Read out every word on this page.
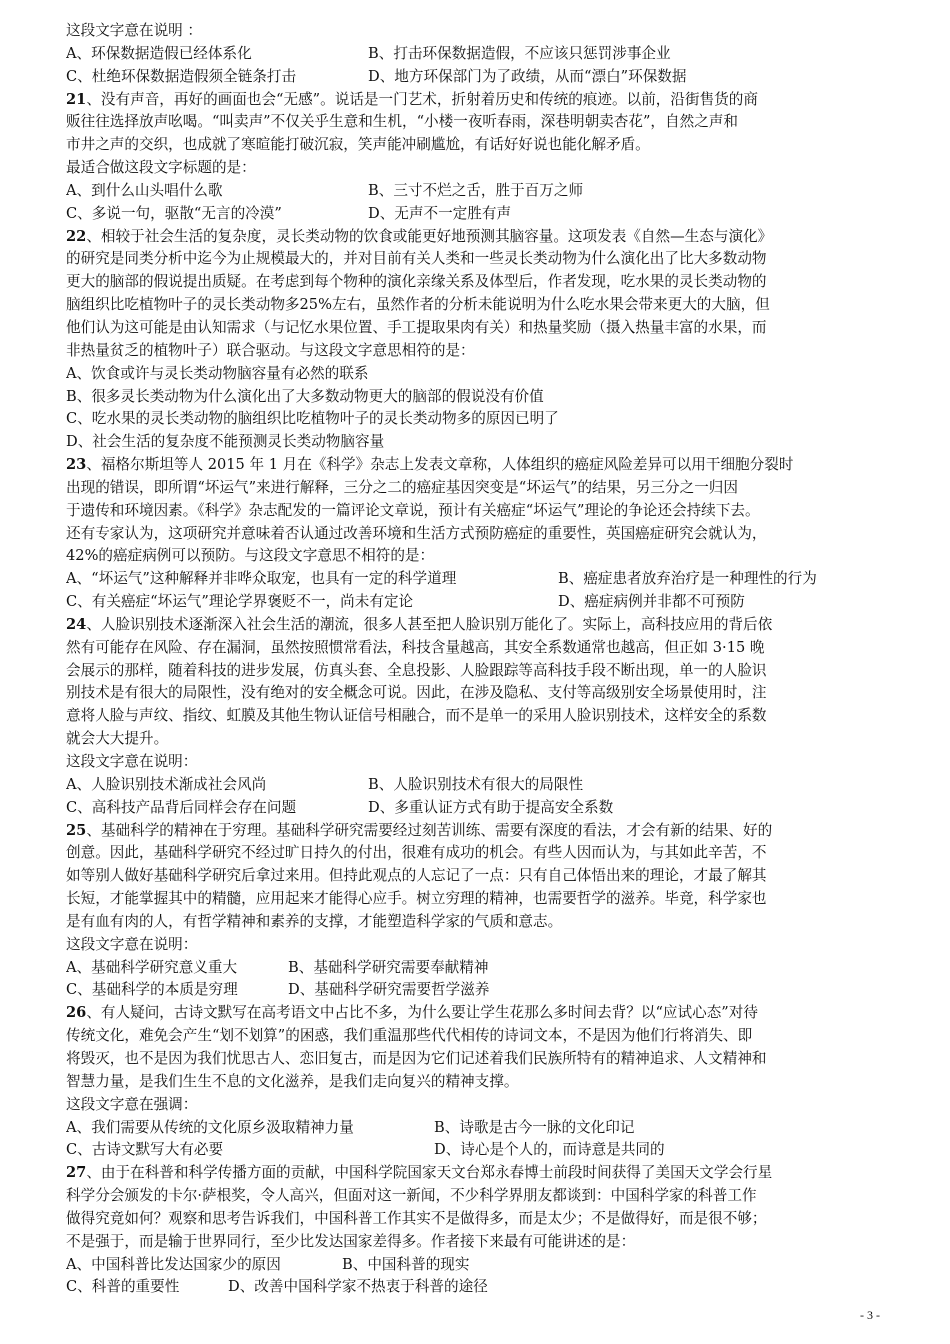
这段文字意在说明 ：
A、环保数据造假已经体系化	B、打击环保数据造假，不应该只惩罚涉事企业
C、杜绝环保数据造假须全链条打击	D、地方环保部门为了政绩，从而“漂白”环保数据
21、没有声音，再好的画面也会“无感”。说话是一门艺术，折射着历史和传统的痕迹。以前，沿街售货的商
贩往往选择放声吆喝。“叫卖声”不仅关乎生意和生机，“小楼一夜听春雨，深巷明朝卖杏花”，自然之声和
市井之声的交织，也成就了寒暄能打破沉寂，笑声能冲刷尴尬，有话好好说也能化解矛盾。
最适合做这段文字标题的是：
A、到什么山头唱什么歌	B、三寸不烂之舌，胜于百万之师
C、多说一句，驱散“无言的冷漠”	D、无声不一定胜有声
22、相较于社会生活的复杂度，灵长类动物的饮食或能更好地预测其脑容量。这项发表《自然—生态与演化》
的研究是同类分析中迄今为止规模最大的，并对目前有关人类和一些灵长类动物为什么演化出了比大多数动物
更大的脑部的假说提出质疑。在考虑到每个物种的演化亲缘关系及体型后，作者发现，吃水果的灵长类动物的
脑组织比吃植物叶子的灵长类动物多25%左右，虽然作者的分析未能说明为什么吃水果会带来更大的大脑，但
他们认为这可能是由认知需求（与记忆水果位置、手工提取果肉有关）和热量奖励（摄入热量丰富的水果，而
非热量贫乏的植物叶子）联合驱动。与这段文字意思相符的是：
A、饮食或许与灵长类动物脑容量有必然的联系
B、很多灵长类动物为什么演化出了大多数动物更大的脑部的假说没有价值
C、吃水果的灵长类动物的脑组织比吃植物叶子的灵长类动物多的原因已明了
D、社会生活的复杂度不能预测灵长类动物脑容量
23、福格尔斯坦等人 2015 年 1 月在《科学》杂志上发表文章称，人体组织的癌症风险差异可以用干细胞分裂时
出现的错误，即所谓“坏运气”来进行解释，三分之二的癌症基因突变是“坏运气”的结果，另三分之一归因
于遗传和环境因素。《科学》杂志配发的一篇评论文章说，预计有关癌症“坏运气”理论的争论还会持续下去。
还有专家认为，这项研究并意味着否认通过改善环境和生活方式预防癌症的重要性，英国癌症研究会就认为，
42%的癌症病例可以预防。与这段文字意思不相符的是：
A、“坏运气”这种解释并非哗众取宠，也具有一定的科学道理	B、癌症患者放弃治疗是一种理性的行为
C、有关癌症“坏运气”理论学界褒贬不一，尚未有定论	D、癌症病例并非都不可预防
24、人脸识别技术逐渐深入社会生活的潮流，很多人甚至把人脸识别万能化了。实际上，高科技应用的背后依
然有可能存在风险、存在漏洞，虽然按照惯常看法，科技含量越高，其安全系数通常也越高，但正如 3·15 晚
会展示的那样，随着科技的进步发展，仿真头套、全息投影、人脸跟踪等高科技手段不断出现，单一的人脸识
别技术是有很大的局限性，没有绝对的安全概念可说。因此，在涉及隐私、支付等高级别安全场景使用时，注
意将人脸与声纹、指纹、虹膜及其他生物认证信号相融合，而不是单一的采用人脸识别技术，这样安全的系数
就会大大提升。
这段文字意在说明：
A、人脸识别技术渐成社会风尚	B、人脸识别技术有很大的局限性
C、高科技产品背后同样会存在问题	D、多重认证方式有助于提高安全系数
25、基础科学的精神在于穷理。基础科学研究需要经过刻苦训练、需要有深度的看法，才会有新的结果、好的
创意。因此，基础科学研究不经过旷日持久的付出，很难有成功的机会。有些人因而认为，与其如此辛苦，不
如等别人做好基础科学研究后拿过来用。但持此观点的人忘记了一点：只有自己体悟出来的理论，才最了解其
长短，才能掌握其中的精髓，应用起来才能得心应手。树立穷理的精神，也需要哲学的滋养。毕竟，科学家也
是有血有肉的人，有哲学精神和素养的支撑，才能塑造科学家的气质和意志。
这段文字意在说明：
A、基础科学研究意义重大	B、基础科学研究需要奉献精神
C、基础科学的本质是穷理	D、基础科学研究需要哲学滋养
26、有人疑问，古诗文默写在高考语文中占比不多，为什么要让学生花那么多时间去背？以“应试心态”对待
传统文化，难免会产生“划不划算”的困惑，我们重温那些代代相传的诗词文本，不是因为他们行将消失、即
将毁灭，也不是因为我们忧思古人、恋旧复古，而是因为它们记述着我们民族所特有的精神追求、人文精神和
智慧力量，是我们生生不息的文化滋养，是我们走向复兴的精神支撑。
这段文字意在强调：
A、我们需要从传统的文化原乡汲取精神力量	B、诗歌是古今一脉的文化印记
C、古诗文默写大有必要	D、诗心是个人的，而诗意是共同的
27、由于在科普和科学传播方面的贡献，中国科学院国家天文台郑永春博士前段时间获得了美国天文学会行星
科学分会颁发的卡尔·萨根奖，令人高兴，但面对这一新闻，不少科学界朋友都谈到：中国科学家的科普工作
做得究竟如何？观察和思考告诉我们，中国科普工作其实不是做得多，而是太少；不是做得好，而是很不够；
不是强于，而是输于世界同行，至少比发达国家差得多。作者接下来最有可能讲述的是：
A、中国科普比发达国家少的原因	B、中国科普的现实
C、科普的重要性	D、改善中国科学家不热衷于科普的途径
- 3 -
